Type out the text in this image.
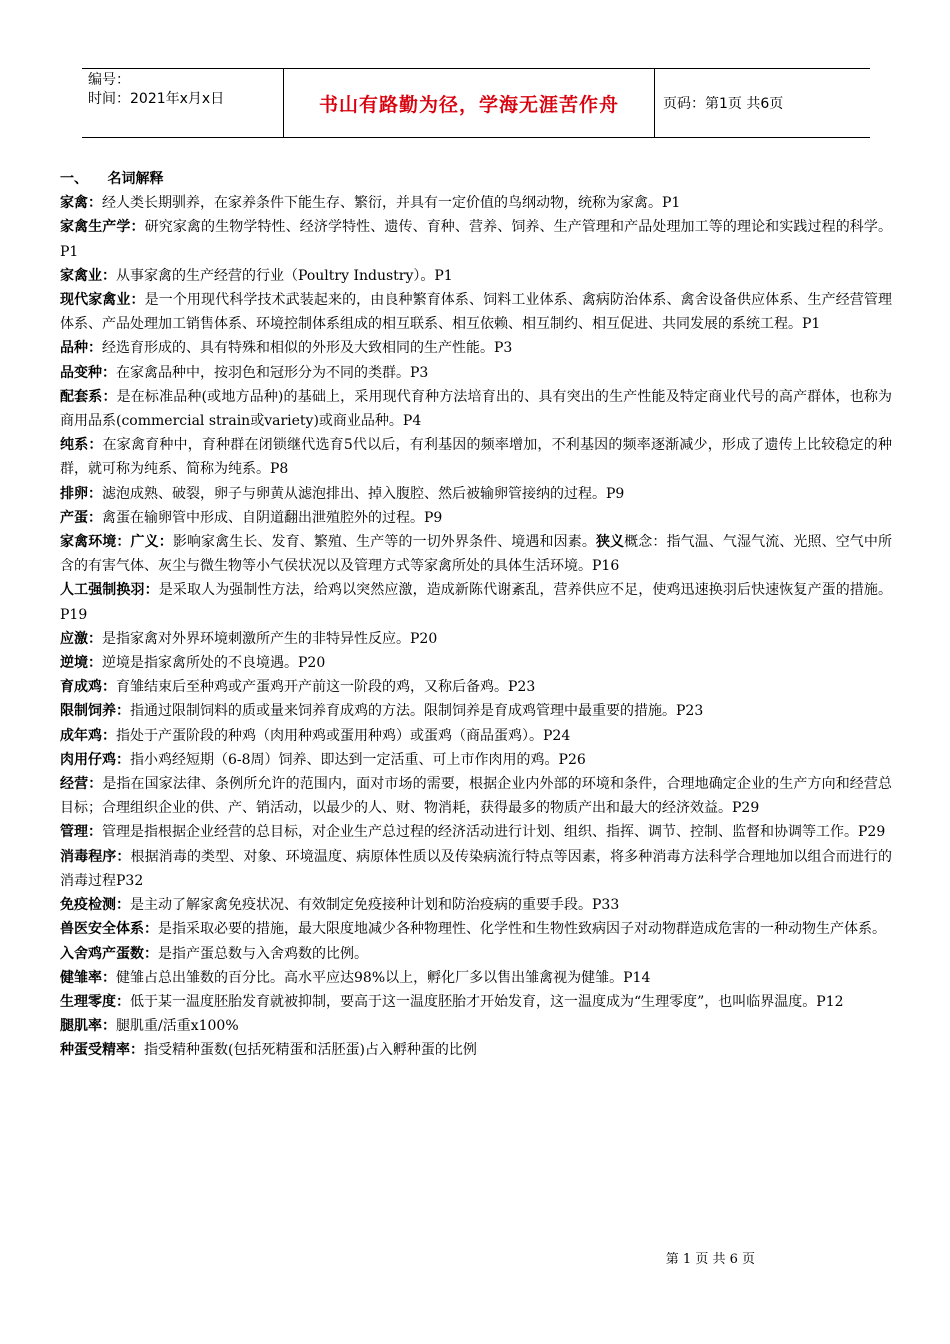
编号：
时间：2021年x月x日	书山有路勤为径，学海无涯苦作舟	页码：第1页 共6页
一、    名词解释

家禽：经人类长期驯养，在家养条件下能生存、繁衍，并具有一定价值的鸟纲动物，统称为家禽。P1

家禽生产学：研究家禽的生物学特性、经济学特性、遗传、育种、营养、饲养、生产管理和产品处理加工等的理论和实践过程的科学。P1

家禽业：从事家禽的生产经营的行业（Poultry Industry）。P1

现代家禽业：是一个用现代科学技术武装起来的，由良种繁育体系、饲料工业体系、禽病防治体系、禽舍设备供应体系、生产经营管理体系、产品处理加工销售体系、环境控制体系组成的相互联系、相互依赖、相互制约、相互促进、共同发展的系统工程。P1

品种：经选育形成的、具有特殊和相似的外形及大致相同的生产性能。P3

品变种：在家禽品种中，按羽色和冠形分为不同的类群。P3

配套系：是在标准品种(或地方品种)的基础上，采用现代育种方法培育出的、具有突出的生产性能及特定商业代号的高产群体，也称为商用品系(commercial strain或variety)或商业品种。P4

纯系：在家禽育种中，育种群在闭锁继代选育5代以后，有利基因的频率增加，不利基因的频率逐渐减少，形成了遗传上比较稳定的种群，就可称为纯系、简称为纯系。P8

排卵：滤泡成熟、破裂，卵子与卵黄从滤泡排出、掉入腹腔、然后被输卵管接纳的过程。P9

产蛋：禽蛋在输卵管中形成、自阴道翻出泄殖腔外的过程。P9

家禽环境：广义：影响家禽生长、发育、繁殖、生产等的一切外界条件、境遇和因素。狭义概念：指气温、气湿气流、光照、空气中所含的有害气体、灰尘与微生物等小气侯状况以及管理方式等家禽所处的具体生活环境。P16

人工强制换羽：是采取人为强制性方法，给鸡以突然应激，造成新陈代谢紊乱，营养供应不足，使鸡迅速换羽后快速恢复产蛋的措施。P19

应激：是指家禽对外界环境刺激所产生的非特异性反应。P20

逆境：逆境是指家禽所处的不良境遇。P20

育成鸡：育雏结束后至种鸡或产蛋鸡开产前这一阶段的鸡，又称后备鸡。P23

限制饲养：指通过限制饲料的质或量来饲养育成鸡的方法。限制饲养是育成鸡管理中最重要的措施。P23

成年鸡：指处于产蛋阶段的种鸡（肉用种鸡或蛋用种鸡）或蛋鸡（商品蛋鸡）。P24

肉用仔鸡：指小鸡经短期（6-8周）饲养、即达到一定活重、可上市作肉用的鸡。P26

经营：是指在国家法律、条例所允许的范围内，面对市场的需要，根据企业内外部的环境和条件，合理地确定企业的生产方向和经营总目标；合理组织企业的供、产、销活动，以最少的人、财、物消耗，获得最多的物质产出和最大的经济效益。P29

管理：管理是指根据企业经营的总目标，对企业生产总过程的经济活动进行计划、组织、指挥、调节、控制、监督和协调等工作。P29

消毒程序：根据消毒的类型、对象、环境温度、病原体性质以及传染病流行特点等因素，将多种消毒方法科学合理地加以组合而进行的消毒过程P32

免疫检测：是主动了解家禽免疫状况、有效制定免疫接种计划和防治疫病的重要手段。P33

兽医安全体系：是指采取必要的措施，最大限度地减少各种物理性、化学性和生物性致病因子对动物群造成危害的一种动物生产体系。

入舍鸡产蛋数：是指产蛋总数与入舍鸡数的比例。

健雏率：健雏占总出雏数的百分比。高水平应达98%以上，孵化厂多以售出雏禽视为健雏。P14

生理零度：低于某一温度胚胎发育就被抑制，要高于这一温度胚胎才开始发育，这一温度成为“生理零度”，也叫临界温度。P12

腿肌率：腿肌重/活重x100%

种蛋受精率：指受精种蛋数(包括死精蛋和活胚蛋)占入孵种蛋的比例

第 1 页 共 6 页
